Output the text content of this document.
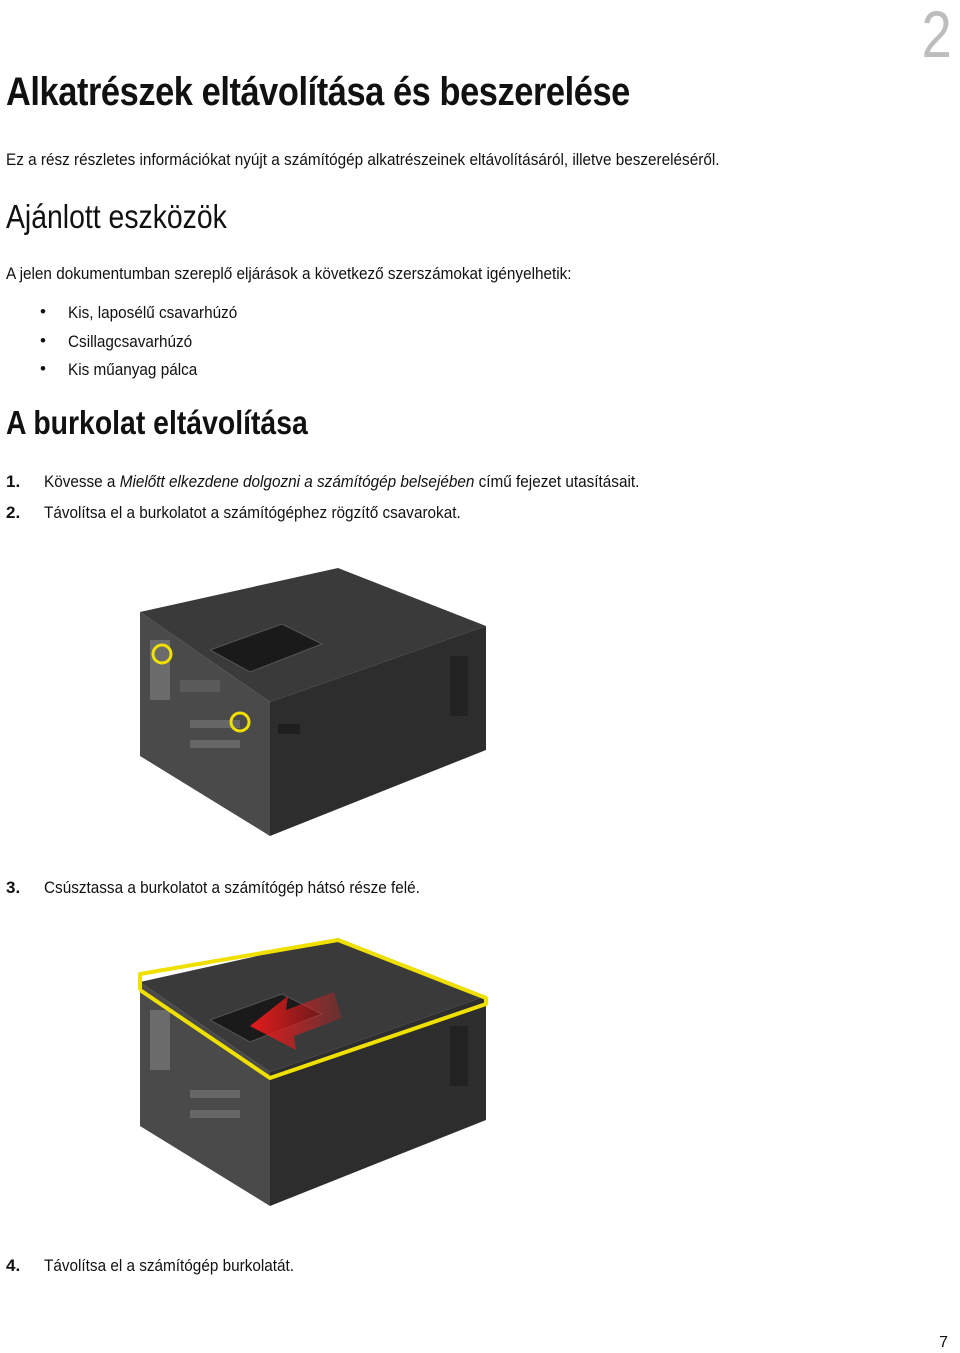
2
Alkatrészek eltávolítása és beszerelése
Ez a rész részletes információkat nyújt a számítógép alkatrészeinek eltávolításáról, illetve beszereléséről.
Ajánlott eszközök
A jelen dokumentumban szereplő eljárások a következő szerszámokat igényelhetik:
• Kis, laposélű csavarhúzó
• Csillagcsavarhúzó
• Kis műanyag pálca
A burkolat eltávolítása
1. Kövesse a Mielőtt elkezdene dolgozni a számítógép belsejében című fejezet utasításait.
2. Távolítsa el a burkolatot a számítógéphez rögzítő csavarokat.
3. Csúsztassa a burkolatot a számítógép hátsó része felé.
4. Távolítsa el a számítógép burkolatát.
7
